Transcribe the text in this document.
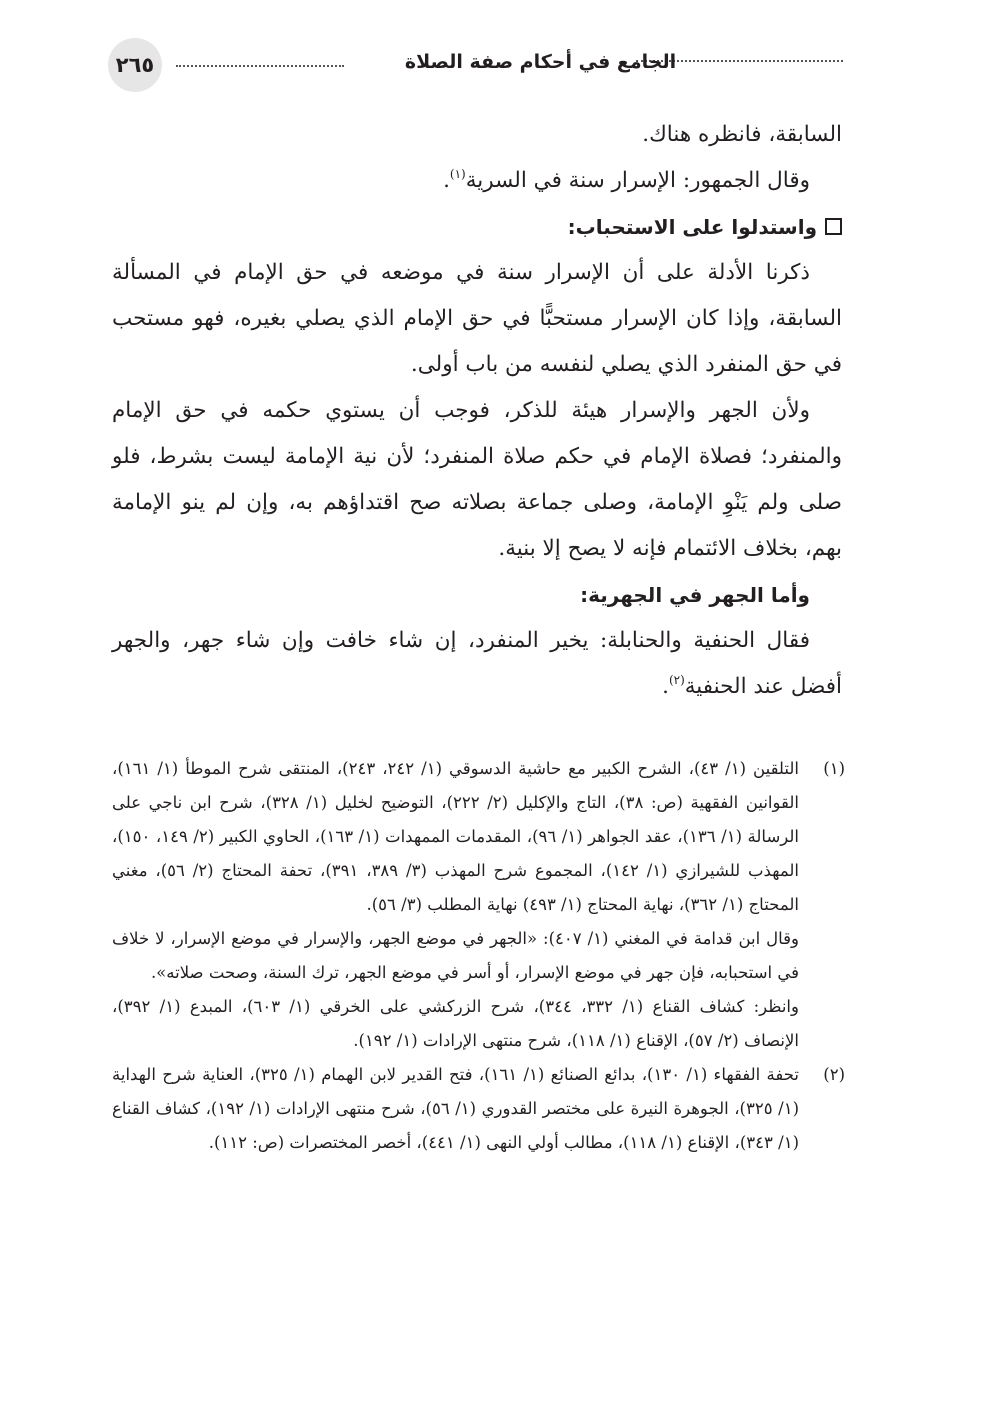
الجامع في أحكام صفة الصلاة
٢٦٥

السابقة، فانظره هناك.

وقال الجمهور: الإسرار سنة في السرية$^{(١)}$.

واستدلوا على الاستحباب:

ذكرنا الأدلة على أن الإسرار سنة في موضعه في حق الإمام في المسألة السابقة، وإذا كان الإسرار مستحبًّا في حق الإمام الذي يصلي بغيره، فهو مستحب في حق المنفرد الذي يصلي لنفسه من باب أولى.

ولأن الجهر والإسرار هيئة للذكر، فوجب أن يستوي حكمه في حق الإمام والمنفرد؛ فصلاة الإمام في حكم صلاة المنفرد؛ لأن نية الإمامة ليست بشرط، فلو صلى ولم يَنْوِ الإمامة، وصلى جماعة بصلاته صح اقتداؤهم به، وإن لم ينو الإمامة بهم، بخلاف الائتمام فإنه لا يصح إلا بنية.

وأما الجهر في الجهرية:

فقال الحنفية والحنابلة: يخير المنفرد، إن شاء خافت وإن شاء جهر، والجهر أفضل عند الحنفية$^{(٢)}$.

(١)

التلقين (١/ ٤٣)، الشرح الكبير مع حاشية الدسوقي (١/ ٢٤٢، ٢٤٣)، المنتقى شرح الموطأ (١/ ١٦١)، القوانين الفقهية (ص: ٣٨)، التاج والإكليل (٢/ ٢٢٢)، التوضيح لخليل (١/ ٣٢٨)، شرح ابن ناجي على الرسالة (١/ ١٣٦)، عقد الجواهر (١/ ٩٦)، المقدمات الممهدات (١/ ١٦٣)، الحاوي الكبير (٢/ ١٤٩، ١٥٠)، المهذب للشيرازي (١/ ١٤٢)، المجموع شرح المهذب (٣/ ٣٨٩، ٣٩١)، تحفة المحتاج (٢/ ٥٦)، مغني المحتاج (١/ ٣٦٢)، نهاية المحتاج (١/ ٤٩٣) نهاية المطلب (٣/ ٥٦).

وقال ابن قدامة في المغني (١/ ٤٠٧): «الجهر في موضع الجهر، والإسرار في موضع الإسرار، لا خلاف في استحبابه، فإن جهر في موضع الإسرار، أو أسر في موضع الجهر، ترك السنة، وصحت صلاته».

وانظر: كشاف القناع (١/ ٣٣٢، ٣٤٤)، شرح الزركشي على الخرقي (١/ ٦٠٣)، المبدع (١/ ٣٩٢)، الإنصاف (٢/ ٥٧)، الإقناع (١/ ١١٨)، شرح منتهى الإرادات (١/ ١٩٢).

(٢)

تحفة الفقهاء (١/ ١٣٠)، بدائع الصنائع (١/ ١٦١)، فتح القدير لابن الهمام (١/ ٣٢٥)، العناية شرح الهداية (١/ ٣٢٥)، الجوهرة النيرة على مختصر القدوري (١/ ٥٦)، شرح منتهى الإرادات (١/ ١٩٢)، كشاف القناع (١/ ٣٤٣)، الإقناع (١/ ١١٨)، مطالب أولي النهى (١/ ٤٤١)، أخصر المختصرات (ص: ١١٢).
